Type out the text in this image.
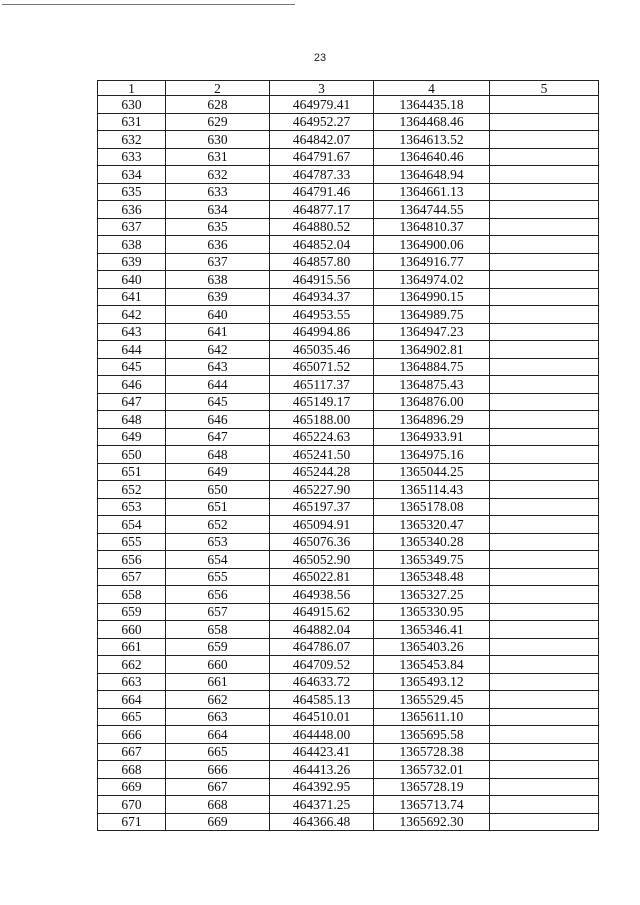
23
1	2	3	4	5
630	628	464979.41	1364435.18	
631	629	464952.27	1364468.46	
632	630	464842.07	1364613.52	
633	631	464791.67	1364640.46	
634	632	464787.33	1364648.94	
635	633	464791.46	1364661.13	
636	634	464877.17	1364744.55	
637	635	464880.52	1364810.37	
638	636	464852.04	1364900.06	
639	637	464857.80	1364916.77	
640	638	464915.56	1364974.02	
641	639	464934.37	1364990.15	
642	640	464953.55	1364989.75	
643	641	464994.86	1364947.23	
644	642	465035.46	1364902.81	
645	643	465071.52	1364884.75	
646	644	465117.37	1364875.43	
647	645	465149.17	1364876.00	
648	646	465188.00	1364896.29	
649	647	465224.63	1364933.91	
650	648	465241.50	1364975.16	
651	649	465244.28	1365044.25	
652	650	465227.90	1365114.43	
653	651	465197.37	1365178.08	
654	652	465094.91	1365320.47	
655	653	465076.36	1365340.28	
656	654	465052.90	1365349.75	
657	655	465022.81	1365348.48	
658	656	464938.56	1365327.25	
659	657	464915.62	1365330.95	
660	658	464882.04	1365346.41	
661	659	464786.07	1365403.26	
662	660	464709.52	1365453.84	
663	661	464633.72	1365493.12	
664	662	464585.13	1365529.45	
665	663	464510.01	1365611.10	
666	664	464448.00	1365695.58	
667	665	464423.41	1365728.38	
668	666	464413.26	1365732.01	
669	667	464392.95	1365728.19	
670	668	464371.25	1365713.74	
671	669	464366.48	1365692.30	
